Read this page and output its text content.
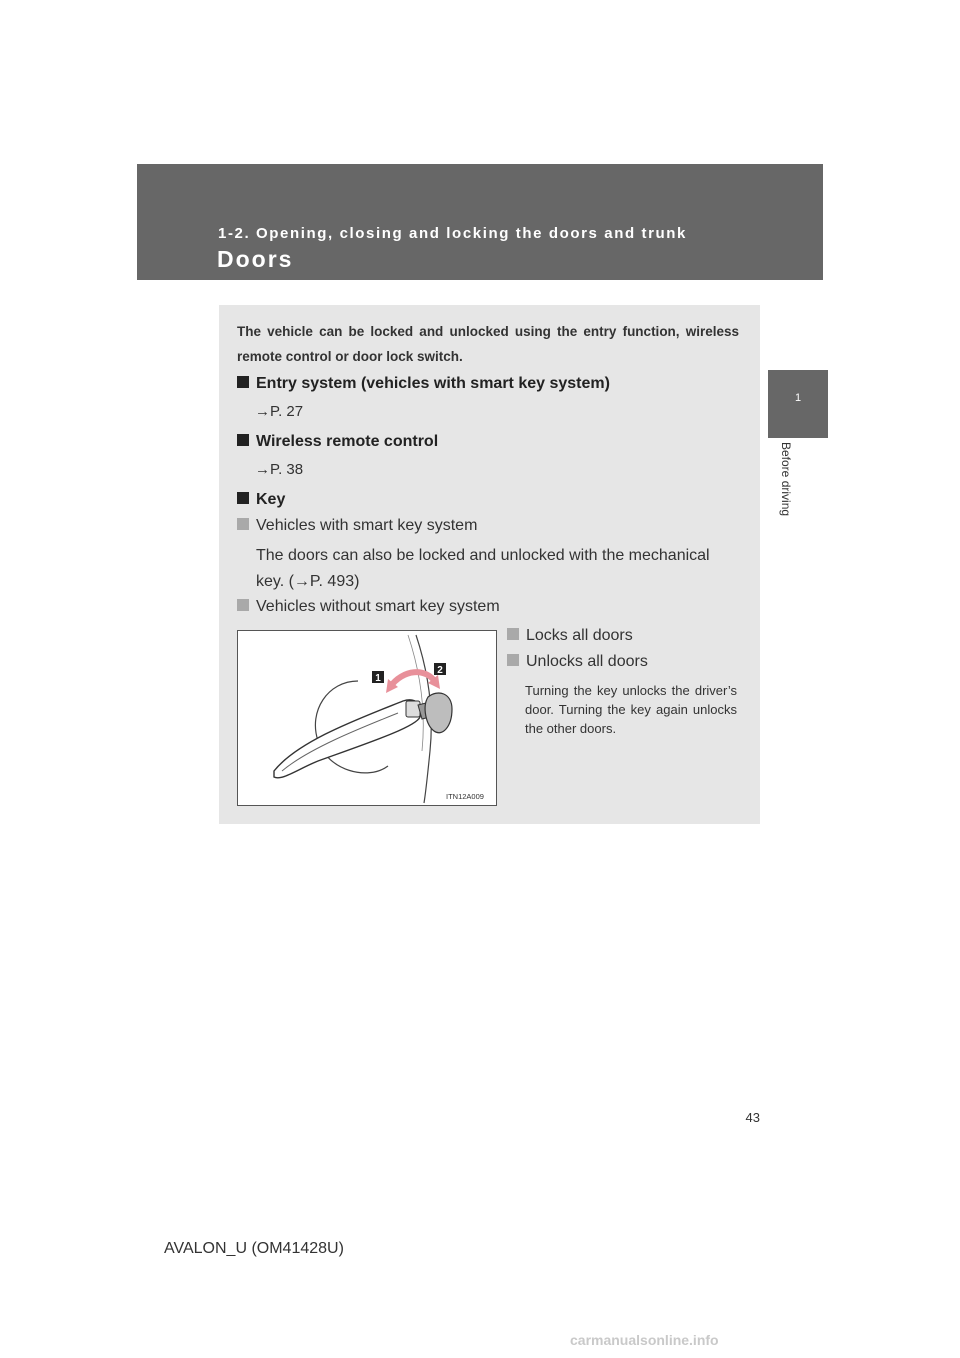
1-2. Opening, closing and locking the doors and trunk
Doors
1
Before driving
The vehicle can be locked and unlocked using the entry function, wireless remote control or door lock switch.
Entry system (vehicles with smart key system)
→P. 27
Wireless remote control
→P. 38
Key
Vehicles with smart key system
The doors can also be locked and unlocked with the mechanical key. (→P. 493)
Vehicles without smart key system
1
2
ITN12A009
Locks all doors
Unlocks all doors
Turning the key unlocks the driver’s door. Turning the key again unlocks the other doors.
43
AVALON_U (OM41428U)
carmanualsonline.info
